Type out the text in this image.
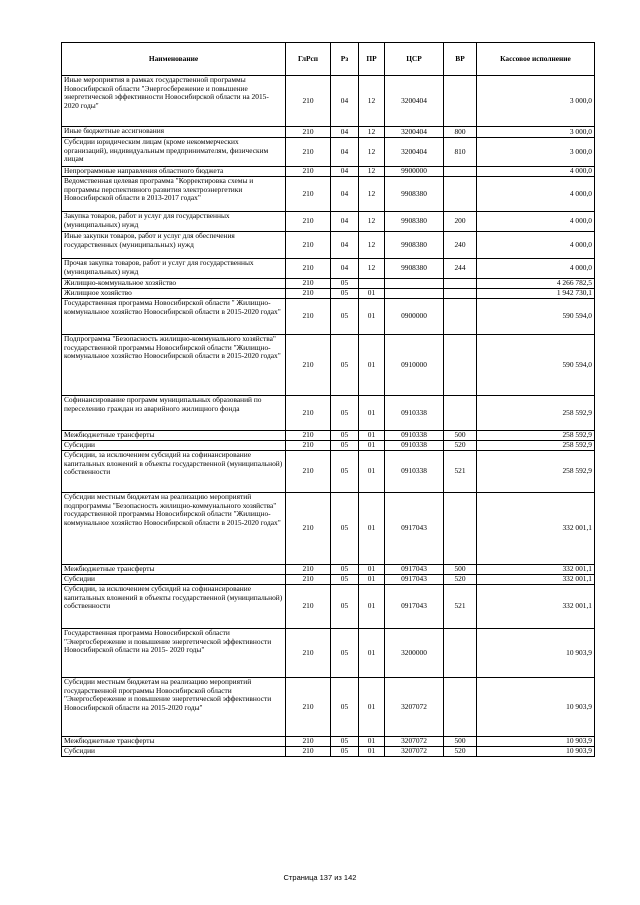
Наименование	ГлРсп	Рз	ПР	ЦСР	ВР	Кассовое исполнение
Иные мероприятия в рамках государственной программы Новосибирской области "Энергосбережение и повышение энергетической эффективности Новосибирской области на 2015- 2020 годы"	210	04	12	3200404		3 000,0
Иные бюджетные ассигнования	210	04	12	3200404	800	3 000,0
Субсидии юридическим лицам (кроме некоммерческих организаций), индивидуальным предпринимателям, физическим лицам	210	04	12	3200404	810	3 000,0
Непрограммные направления областного бюджета	210	04	12	9900000		4 000,0
Ведомственная целевая программа "Корректировка схемы и программы перспективного развития электроэнергетики Новосибирской области в 2013-2017 годах"	210	04	12	9908380		4 000,0
Закупка товаров, работ и услуг для государственных (муниципальных) нужд	210	04	12	9908380	200	4 000,0
Иные закупки товаров, работ и услуг для обеспечения государственных (муниципальных) нужд	210	04	12	9908380	240	4 000,0
Прочая закупка товаров, работ и услуг для государственных (муниципальных) нужд	210	04	12	9908380	244	4 000,0
Жилищно-коммунальное хозяйство	210	05				4 266 782,5
Жилищное хозяйство	210	05	01			1 942 730,1
Государственная программа Новосибирской области " Жилищно-коммунальное хозяйство Новосибирской области в 2015-2020 годах"	210	05	01	0900000		590 594,0
Подпрограмма "Безопасность жилищно-коммунального хозяйства" государственной программы Новосибирской области "Жилищно-коммунальное хозяйство Новосибирской области в 2015-2020 годах"	210	05	01	0910000		590 594,0
Софинансирование программ муниципальных образований по переселению граждан из аварийного жилищного фонда	210	05	01	0910338		258 592,9
Межбюджетные трансферты	210	05	01	0910338	500	258 592,9
Субсидии	210	05	01	0910338	520	258 592,9
Субсидии, за исключением субсидий на софинансирование капитальных вложений в объекты государственной (муниципальной) собственности	210	05	01	0910338	521	258 592,9
Субсидии местным бюджетам на реализацию мероприятий подпрограммы "Безопасность жилищно-коммунального хозяйства" государственной программы Новосибирской области "Жилищно-коммунальное хозяйство Новосибирской области в 2015-2020 годах"	210	05	01	0917043		332 001,1
Межбюджетные трансферты	210	05	01	0917043	500	332 001,1
Субсидии	210	05	01	0917043	520	332 001,1
Субсидии, за исключением субсидий на софинансирование капитальных вложений в объекты государственной (муниципальной) собственности	210	05	01	0917043	521	332 001,1
Государственная программа Новосибирской области "Энергосбережение и повышение энергетической эффективности Новосибирской области на 2015- 2020 годы"	210	05	01	3200000		10 903,9
Субсидии местным бюджетам на реализацию мероприятий государственной программы Новосибирской области "Энергосбережение и повышение энергетической эффективности Новосибирской области на 2015-2020 годы"	210	05	01	3207072		10 903,9
Межбюджетные трансферты	210	05	01	3207072	500	10 903,9
Субсидии	210	05	01	3207072	520	10 903,9
Страница 137 из 142
